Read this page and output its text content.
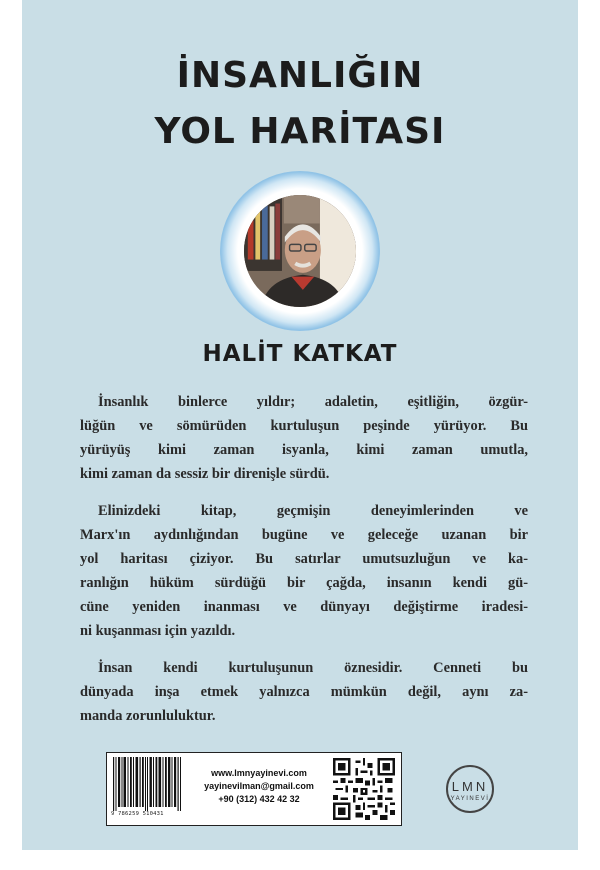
İNSANLIĞIN
YOL HARİTASI
HALİT KATKAT
İnsanlık binlerce yıldır; adaletin, eşitliğin, özgür-
lüğün ve sömürüden kurtuluşun peşinde yürüyor. Bu
yürüyüş kimi zaman isyanla, kimi zaman umutla,
kimi zaman da sessiz bir direnişle sürdü.
Elinizdeki kitap, geçmişin deneyimlerinden ve
Marx'ın aydınlığından bugüne ve geleceğe uzanan bir
yol haritası çiziyor. Bu satırlar umutsuzluğun ve ka-
ranlığın hüküm sürdüğü bir çağda, insanın kendi gü-
cüne yeniden inanması ve dünyayı değiştirme iradesi-
ni kuşanması için yazıldı.
İnsan kendi kurtuluşunun öznesidir. Cenneti bu
dünyada inşa etmek yalnızca mümkün değil, aynı za-
manda zorunluluktur.
9 786259 510431
www.lmnyayinevi.com
yayinevilman@gmail.com
+90 (312) 432 42 32
LMN
YAYINEVİ
